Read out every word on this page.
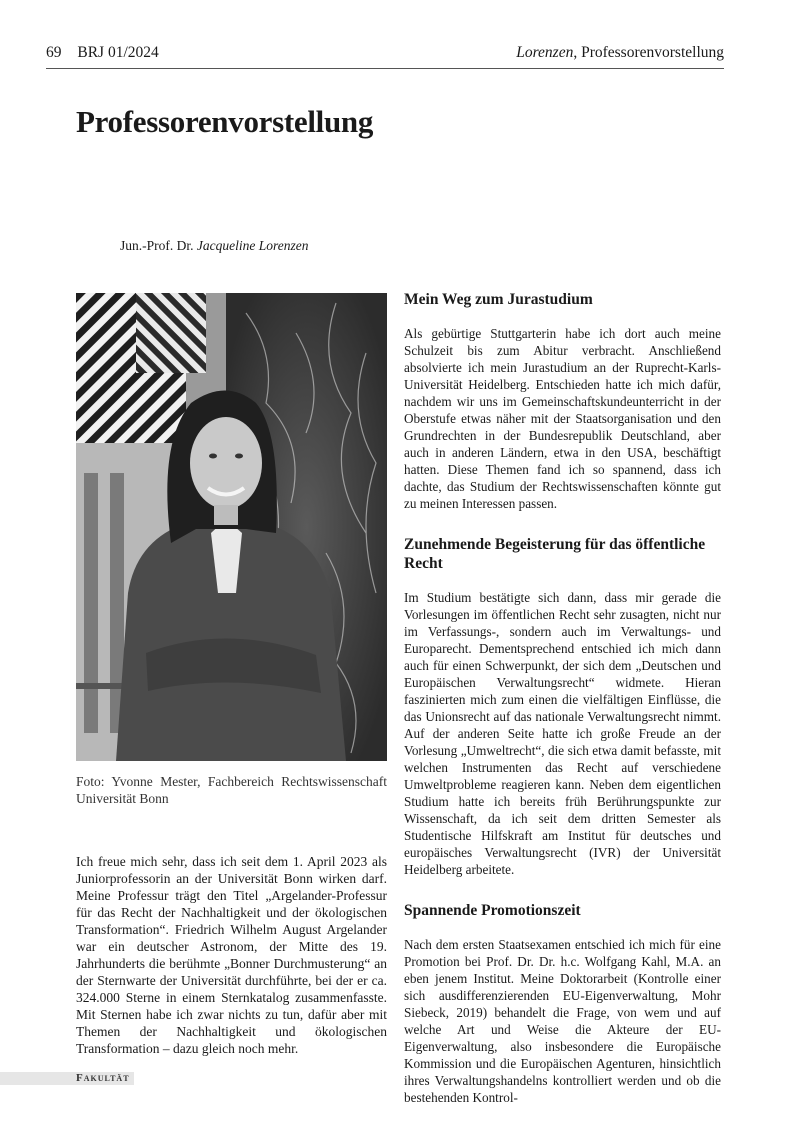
69 BRJ 01/2024	Lorenzen, Professorenvorstellung
Professorenvorstellung
Jun.-Prof. Dr. Jacqueline Lorenzen
Foto: Yvonne Mester, Fachbereich Rechtswissenschaft Universität Bonn

Ich freue mich sehr, dass ich seit dem 1. April 2023 als Juniorprofessorin an der Universität Bonn wirken darf. Meine Professur trägt den Titel „Argelander-Professur für das Recht der Nachhaltigkeit und der ökologischen Transformation“. Friedrich Wilhelm August Argelander war ein deutscher Astronom, der Mitte des 19. Jahrhunderts die berühmte „Bonner Durchmusterung“ an der Sternwarte der Universität durchführte, bei der er ca. 324.000 Sterne in einem Sternkatalog zusammenfasste. Mit Sternen habe ich zwar nichts zu tun, dafür aber mit Themen der Nachhaltigkeit und ökologischen Transformation – dazu gleich noch mehr.

Mein Weg zum Jurastudium

Als gebürtige Stuttgarterin habe ich dort auch meine Schulzeit bis zum Abitur verbracht. Anschließend absolvierte ich mein Jurastudium an der Ruprecht-Karls-Universität Heidelberg. Entschieden hatte ich mich dafür, nachdem wir uns im Gemeinschaftskundeunterricht in der Oberstufe etwas näher mit der Staatsorganisation und den Grundrechten in der Bundesrepublik Deutschland, aber auch in anderen Ländern, etwa in den USA, beschäftigt hatten. Diese Themen fand ich so spannend, dass ich dachte, das Studium der Rechtswissenschaften könnte gut zu meinen Interessen passen.

Zunehmende Begeisterung für das öffentliche Recht

Im Studium bestätigte sich dann, dass mir gerade die Vorlesungen im öffentlichen Recht sehr zusagten, nicht nur im Verfassungs-, sondern auch im Verwaltungs- und Europarecht. Dementsprechend entschied ich mich dann auch für einen Schwerpunkt, der sich dem „Deutschen und Europäischen Verwaltungsrecht“ widmete. Hieran faszinierten mich zum einen die vielfältigen Einflüsse, die das Unionsrecht auf das nationale Verwaltungsrecht nimmt. Auf der anderen Seite hatte ich große Freude an der Vorlesung „Umweltrecht“, die sich etwa damit befasste, mit welchen Instrumenten das Recht auf verschiedene Umweltprobleme reagieren kann. Neben dem eigentlichen Studium hatte ich bereits früh Berührungspunkte zur Wissenschaft, da ich seit dem dritten Semester als Studentische Hilfskraft am Institut für deutsches und europäisches Verwaltungsrecht (IVR) der Universität Heidelberg arbeitete.

Spannende Promotionszeit

Nach dem ersten Staatsexamen entschied ich mich für eine Promotion bei Prof. Dr. Dr. h.c. Wolfgang Kahl, M.A. an eben jenem Institut. Meine Doktorarbeit (Kontrolle einer sich ausdifferenzierenden EU-Eigenverwaltung, Mohr Siebeck, 2019) behandelt die Frage, von wem und auf welche Art und Weise die Akteure der EU-Eigenverwaltung, also insbesondere die Europäische Kommission und die Europäischen Agenturen, hinsichtlich ihres Verwaltungshandelns kontrolliert werden und ob die bestehenden Kontrol-

Fakultät
